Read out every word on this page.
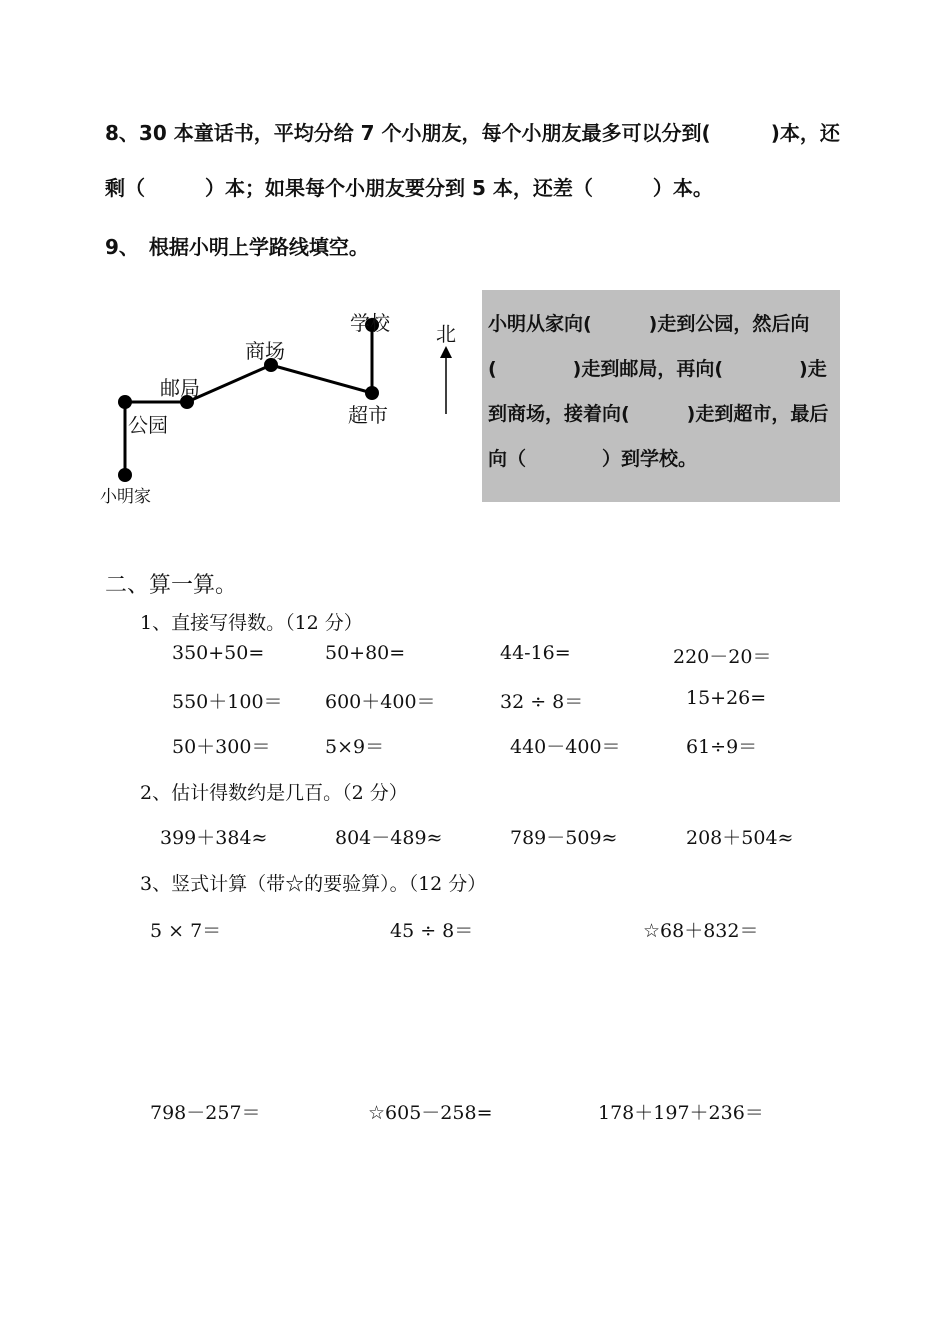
8、30 本童话书，平均分给 7 个小朋友，每个小朋友最多可以分到(　　　)本，还
剩（　　　）本；如果每个小朋友要分到 5 本，还差（　　　）本。
9、　根据小明上学路线填空。
学校
商场
邮局
公园	超市
小明家
北 小明从家向(　　　)走到公园，然后向
(　　　　)走到邮局，再向(　　　　)走
到商场，接着向(　　　)走到超市，最后
向（　　　　）到学校。
二、算一算。
1、直接写得数。（12 分）
350+50=	50+80=	44-16=	220－20＝
550＋100＝ 600＋400＝	32 ÷ 8＝	15+26=
50＋300＝	5×9＝	440－400＝	61÷9＝
2、估计得数约是几百。（2 分）
399＋384≈	804－489≈	789－509≈	208＋504≈
3、竖式计算（带☆的要验算）。（12 分）
5 × 7＝	45 ÷ 8＝	☆68＋832＝
798－257＝	☆605－258=	178＋197＋236＝
